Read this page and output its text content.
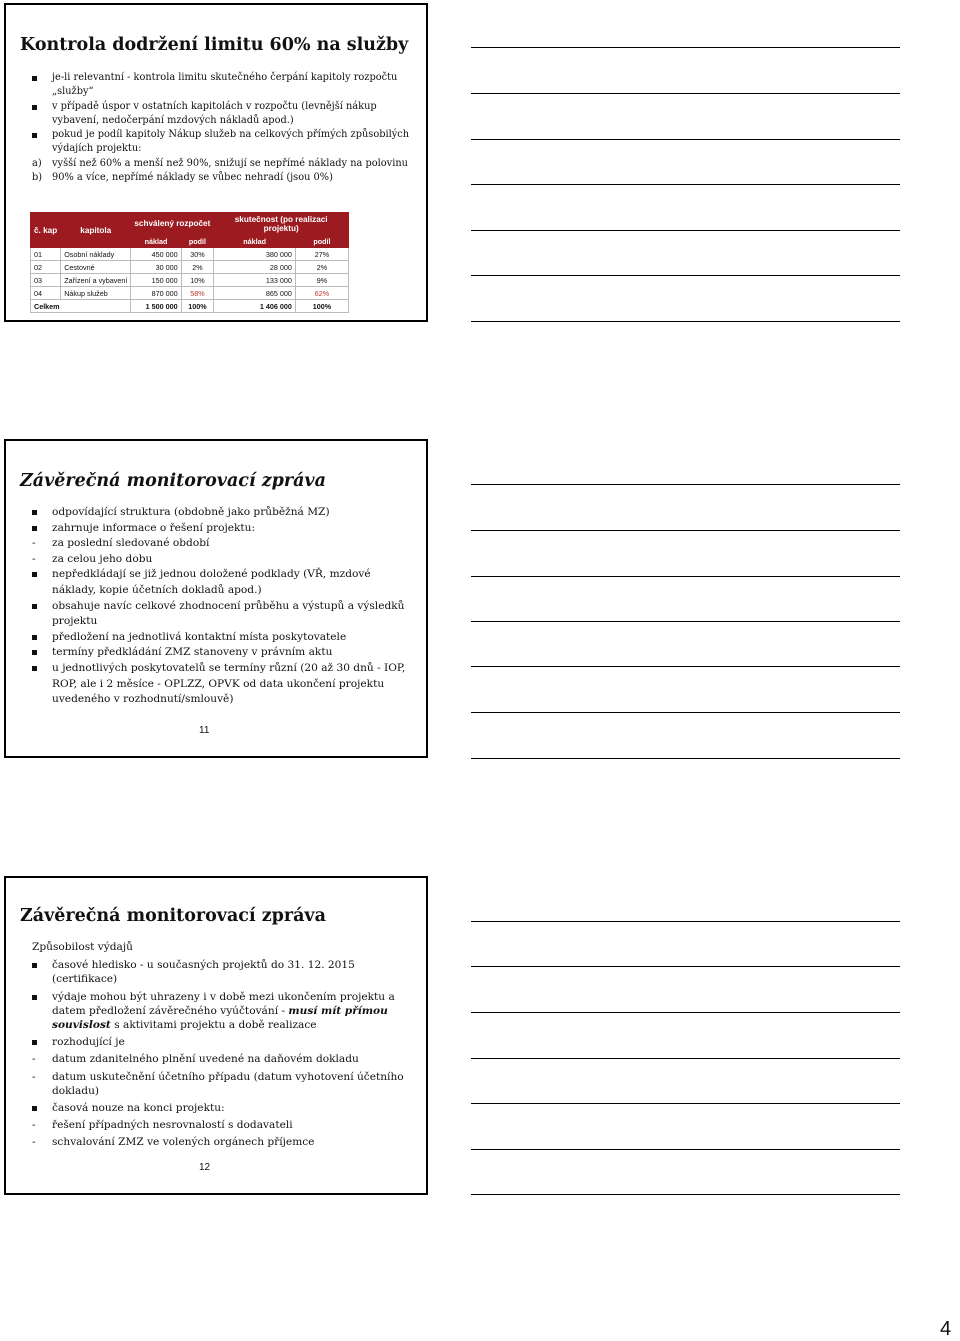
Kontrola dodržení limitu 60% na služby
je-li relevantní - kontrola limitu skutečného čerpání kapitoly rozpočtu „služby“
v případě úspor v ostatních kapitolách v rozpočtu (levnější nákup vybavení, nedočerpání mzdových nákladů apod.)
pokud je podíl kapitoly Nákup služeb na celkových přímých způsobilých výdajích projektu:
a) vyšší než 60% a menší než 90%, snižují se nepřímé náklady na polovinu
b) 90% a více, nepřímé náklady se vůbec nehradí (jsou 0%)
č. kap	kapitola	schválený rozpočet		skutečnost (po realizaci projektu)	
		náklad	podíl	náklad	podíl
01	Osobní náklady	450 000	30%	380 000	27%
02	Cestovné	30 000	2%	28 000	2%
03	Zařízení a vybavení	150 000	10%	133 000	9%
04	Nákup služeb	870 000	58%	865 000	62%
Celkem		1 500 000	100%	1 406 000	100%
Závěrečná monitorovací zpráva
odpovídající struktura (obdobně jako průběžná MZ)
zahrnuje informace o řešení projektu:
- za poslední sledované období
- za celou jeho dobu
nepředkládají se již jednou doložené podklady (VŘ, mzdové náklady, kopie účetních dokladů apod.)
obsahuje navíc celkové zhodnocení průběhu a výstupů a výsledků projektu
předložení na jednotlivá kontaktní místa poskytovatele
termíny předkládání ZMZ stanoveny v právním aktu
u jednotlivých poskytovatelů se termíny různí (20 až 30 dnů - IOP, ROP, ale i 2 měsíce - OPLZZ, OPVK od data ukončení projektu uvedeného v rozhodnutí/smlouvě)
11
Závěrečná monitorovací zpráva
Způsobilost výdajů
časové hledisko - u současných projektů do 31. 12. 2015 (certifikace)
výdaje mohou být uhrazeny i v době mezi ukončením projektu a datem předložení závěrečného vyúčtování - musí mít přímou souvislost s aktivitami projektu a době realizace
rozhodující je
- datum zdanitelného plnění uvedené na daňovém dokladu
- datum uskutečnění účetního případu (datum vyhotovení účetního dokladu)
časová nouze na konci projektu:
- řešení případných nesrovnalostí s dodavateli
- schvalování ZMZ ve volených orgánech příjemce
12
4
